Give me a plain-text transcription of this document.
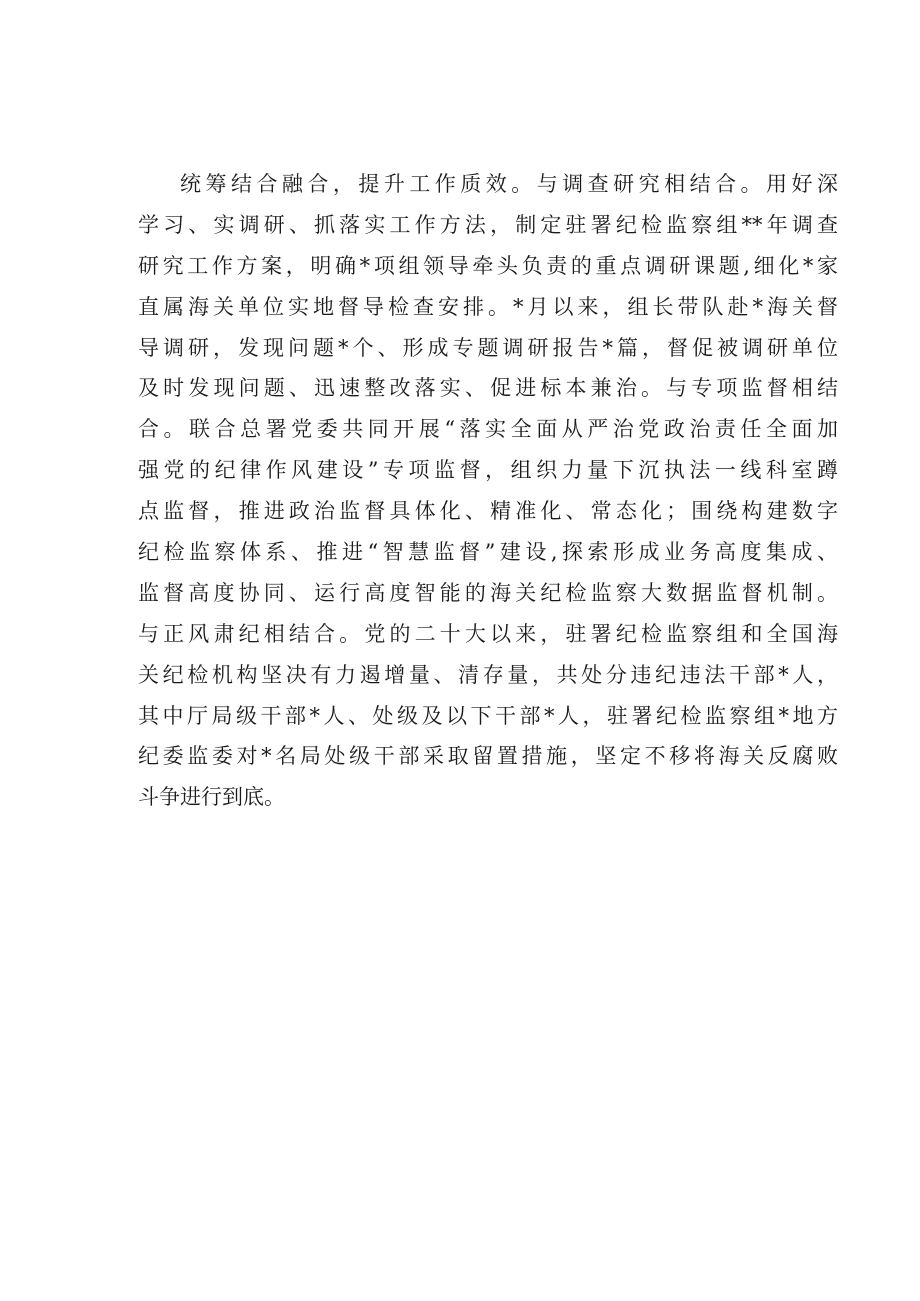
统筹结合融合，提升工作质效。与调查研究相结合。用好深
学习、实调研、抓落实工作方法，制定驻署纪检监察组**年调查
研究工作方案，明确*项组领导牵头负责的重点调研课题,细化*家
直属海关单位实地督导检查安排。*月以来，组长带队赴*海关督
导调研，发现问题*个、形成专题调研报告*篇，督促被调研单位
及时发现问题、迅速整改落实、促进标本兼治。与专项监督相结
合。联合总署党委共同开展“落实全面从严治党政治责任全面加
强党的纪律作风建设”专项监督，组织力量下沉执法一线科室蹲
点监督，推进政治监督具体化、精准化、常态化；围绕构建数字
纪检监察体系、推进“智慧监督”建设,探索形成业务高度集成、
监督高度协同、运行高度智能的海关纪检监察大数据监督机制。
与正风肃纪相结合。党的二十大以来，驻署纪检监察组和全国海
关纪检机构坚决有力遏增量、清存量，共处分违纪违法干部*人，
其中厅局级干部*人、处级及以下干部*人，驻署纪检监察组*地方
纪委监委对*名局处级干部采取留置措施，坚定不移将海关反腐败
斗争进行到底。
